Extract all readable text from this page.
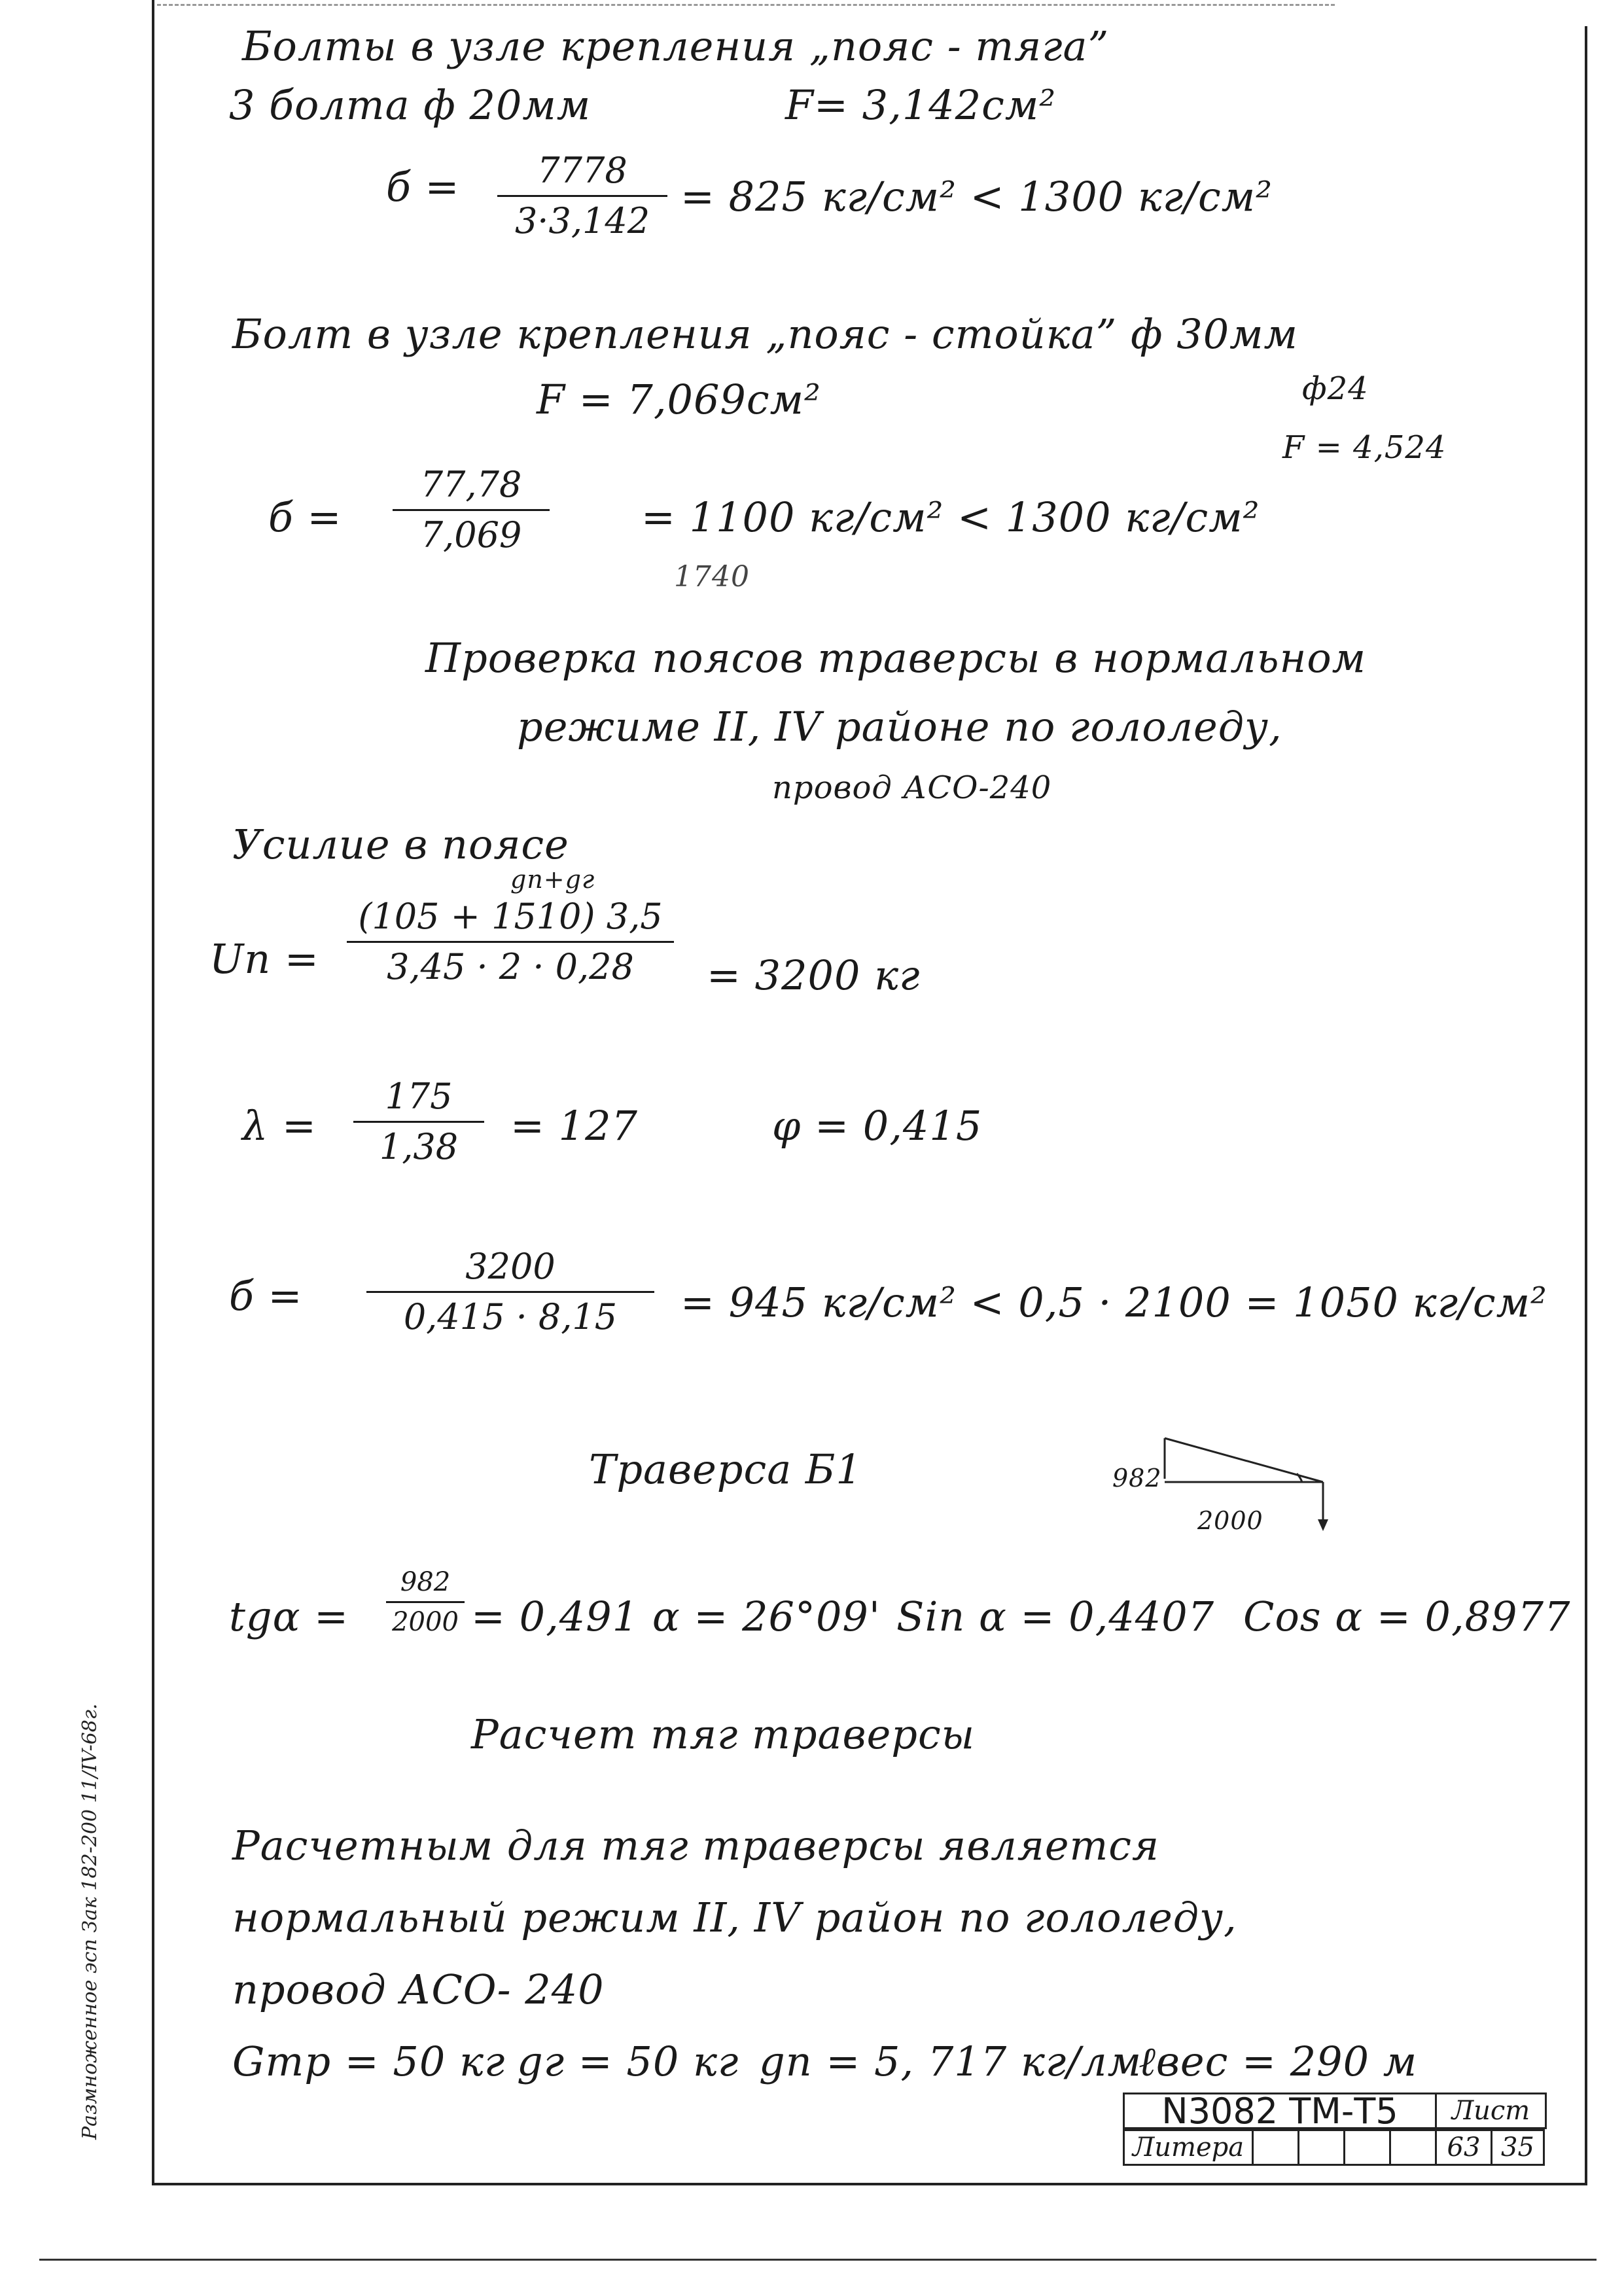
Болты в узле крепления „пояс - тяга”
3 болта ф 20мм	F= 3,142см²
б =	7778
3·3,142
= 825 кг/см² < 1300 кг/см²
Болт в узле крепления „пояс - стойка” ф 30мм
F = 7,069см²	ф24
F = 4,524
б =
77,78
7,069	= 1100 кг/см² < 1300 кг/см²
1740
Проверка поясов траверсы в нормальном
режиме II, IV районе по гололеду,
провод АСО-240
Усилие в поясе
Uп =
gп+gг
(105 + 1510) 3,5
3,45 · 2 · 0,28	= 3200 кг
λ =
175
1,38	= 127	φ = 0,415
б =
3200
0,415 · 8,15	= 945 кг/см² < 0,5 · 2100 = 1050 кг/см²
Траверса Б1	982
2000
tgα =
982
2000 = 0,491 α = 26°09' Sin α = 0,4407 Cos α = 0,8977
Расчет тяг траверсы
Расчетным для тяг траверсы является
нормальный режим II, IV район по гололеду,
провод АСО- 240
Gтр = 50 кг gг = 50 кг gп = 5, 717 кг/лм
ℓвес = 290 м
N3082 ТМ-Т5	Лист
Литера	63 35
Размноженное эсп Зак 182-200 11/IV-68г.
